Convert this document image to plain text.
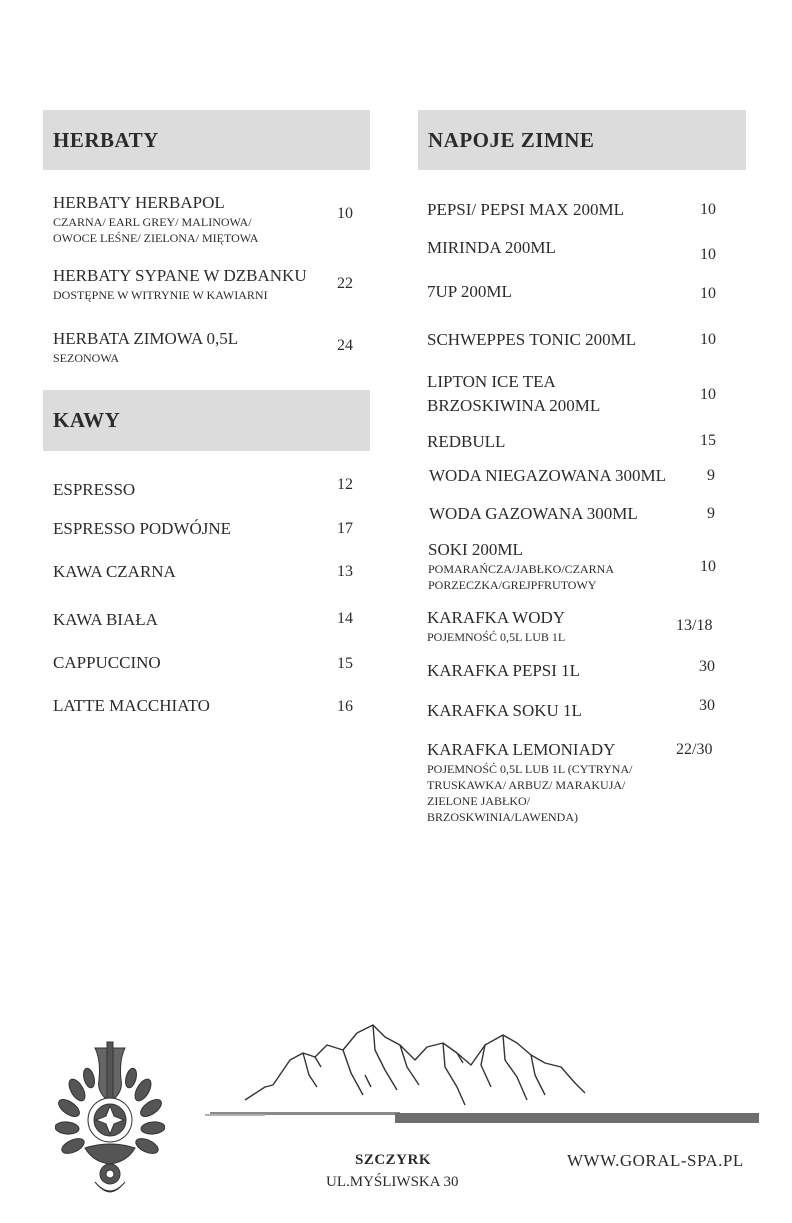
HERBATY
HERBATY HERBAPOL
CZARNA/ EARL GREY/ MALINOWA/ OWOCE LEŚNE/ ZIELONA/ MIĘTOWA
10
HERBATY SYPANE W DZBANKU
DOSTĘPNE W WITRYNIE W KAWIARNI
22
HERBATA ZIMOWA 0,5L
SEZONOWA
24
KAWY
ESPRESSO	12
ESPRESSO PODWÓJNE	17
KAWA CZARNA	13
KAWA BIAŁA	14
CAPPUCCINO	15
LATTE MACCHIATO	16
NAPOJE ZIMNE
PEPSI/ PEPSI MAX 200ML	10
MIRINDA 200ML	10
7UP 200ML	10
SCHWEPPES TONIC 200ML	10
LIPTON ICE TEA
BRZOSKIWINA 200ML
10
REDBULL	15
WODA NIEGAZOWANA 300ML	9
WODA GAZOWANA 300ML	9
SOKI 200ML
POMARAŃCZA/JABŁKO/CZARNA PORZECZKA/GREJPFRUTOWY
10
KARAFKA WODY
POJEMNOŚĆ 0,5L LUB 1L
13/18
KARAFKA PEPSI 1L	30
KARAFKA SOKU 1L	30
KARAFKA LEMONIADY
POJEMNOŚĆ 0,5L LUB 1L (CYTRYNA/ TRUSKAWKA/ ARBUZ/ MARAKUJA/ ZIELONE JABŁKO/ BRZOSKWINIA/LAWENDA)
22/30
SZCZYRK
UL.MYŚLIWSKA 30
WWW.GORAL-SPA.PL
